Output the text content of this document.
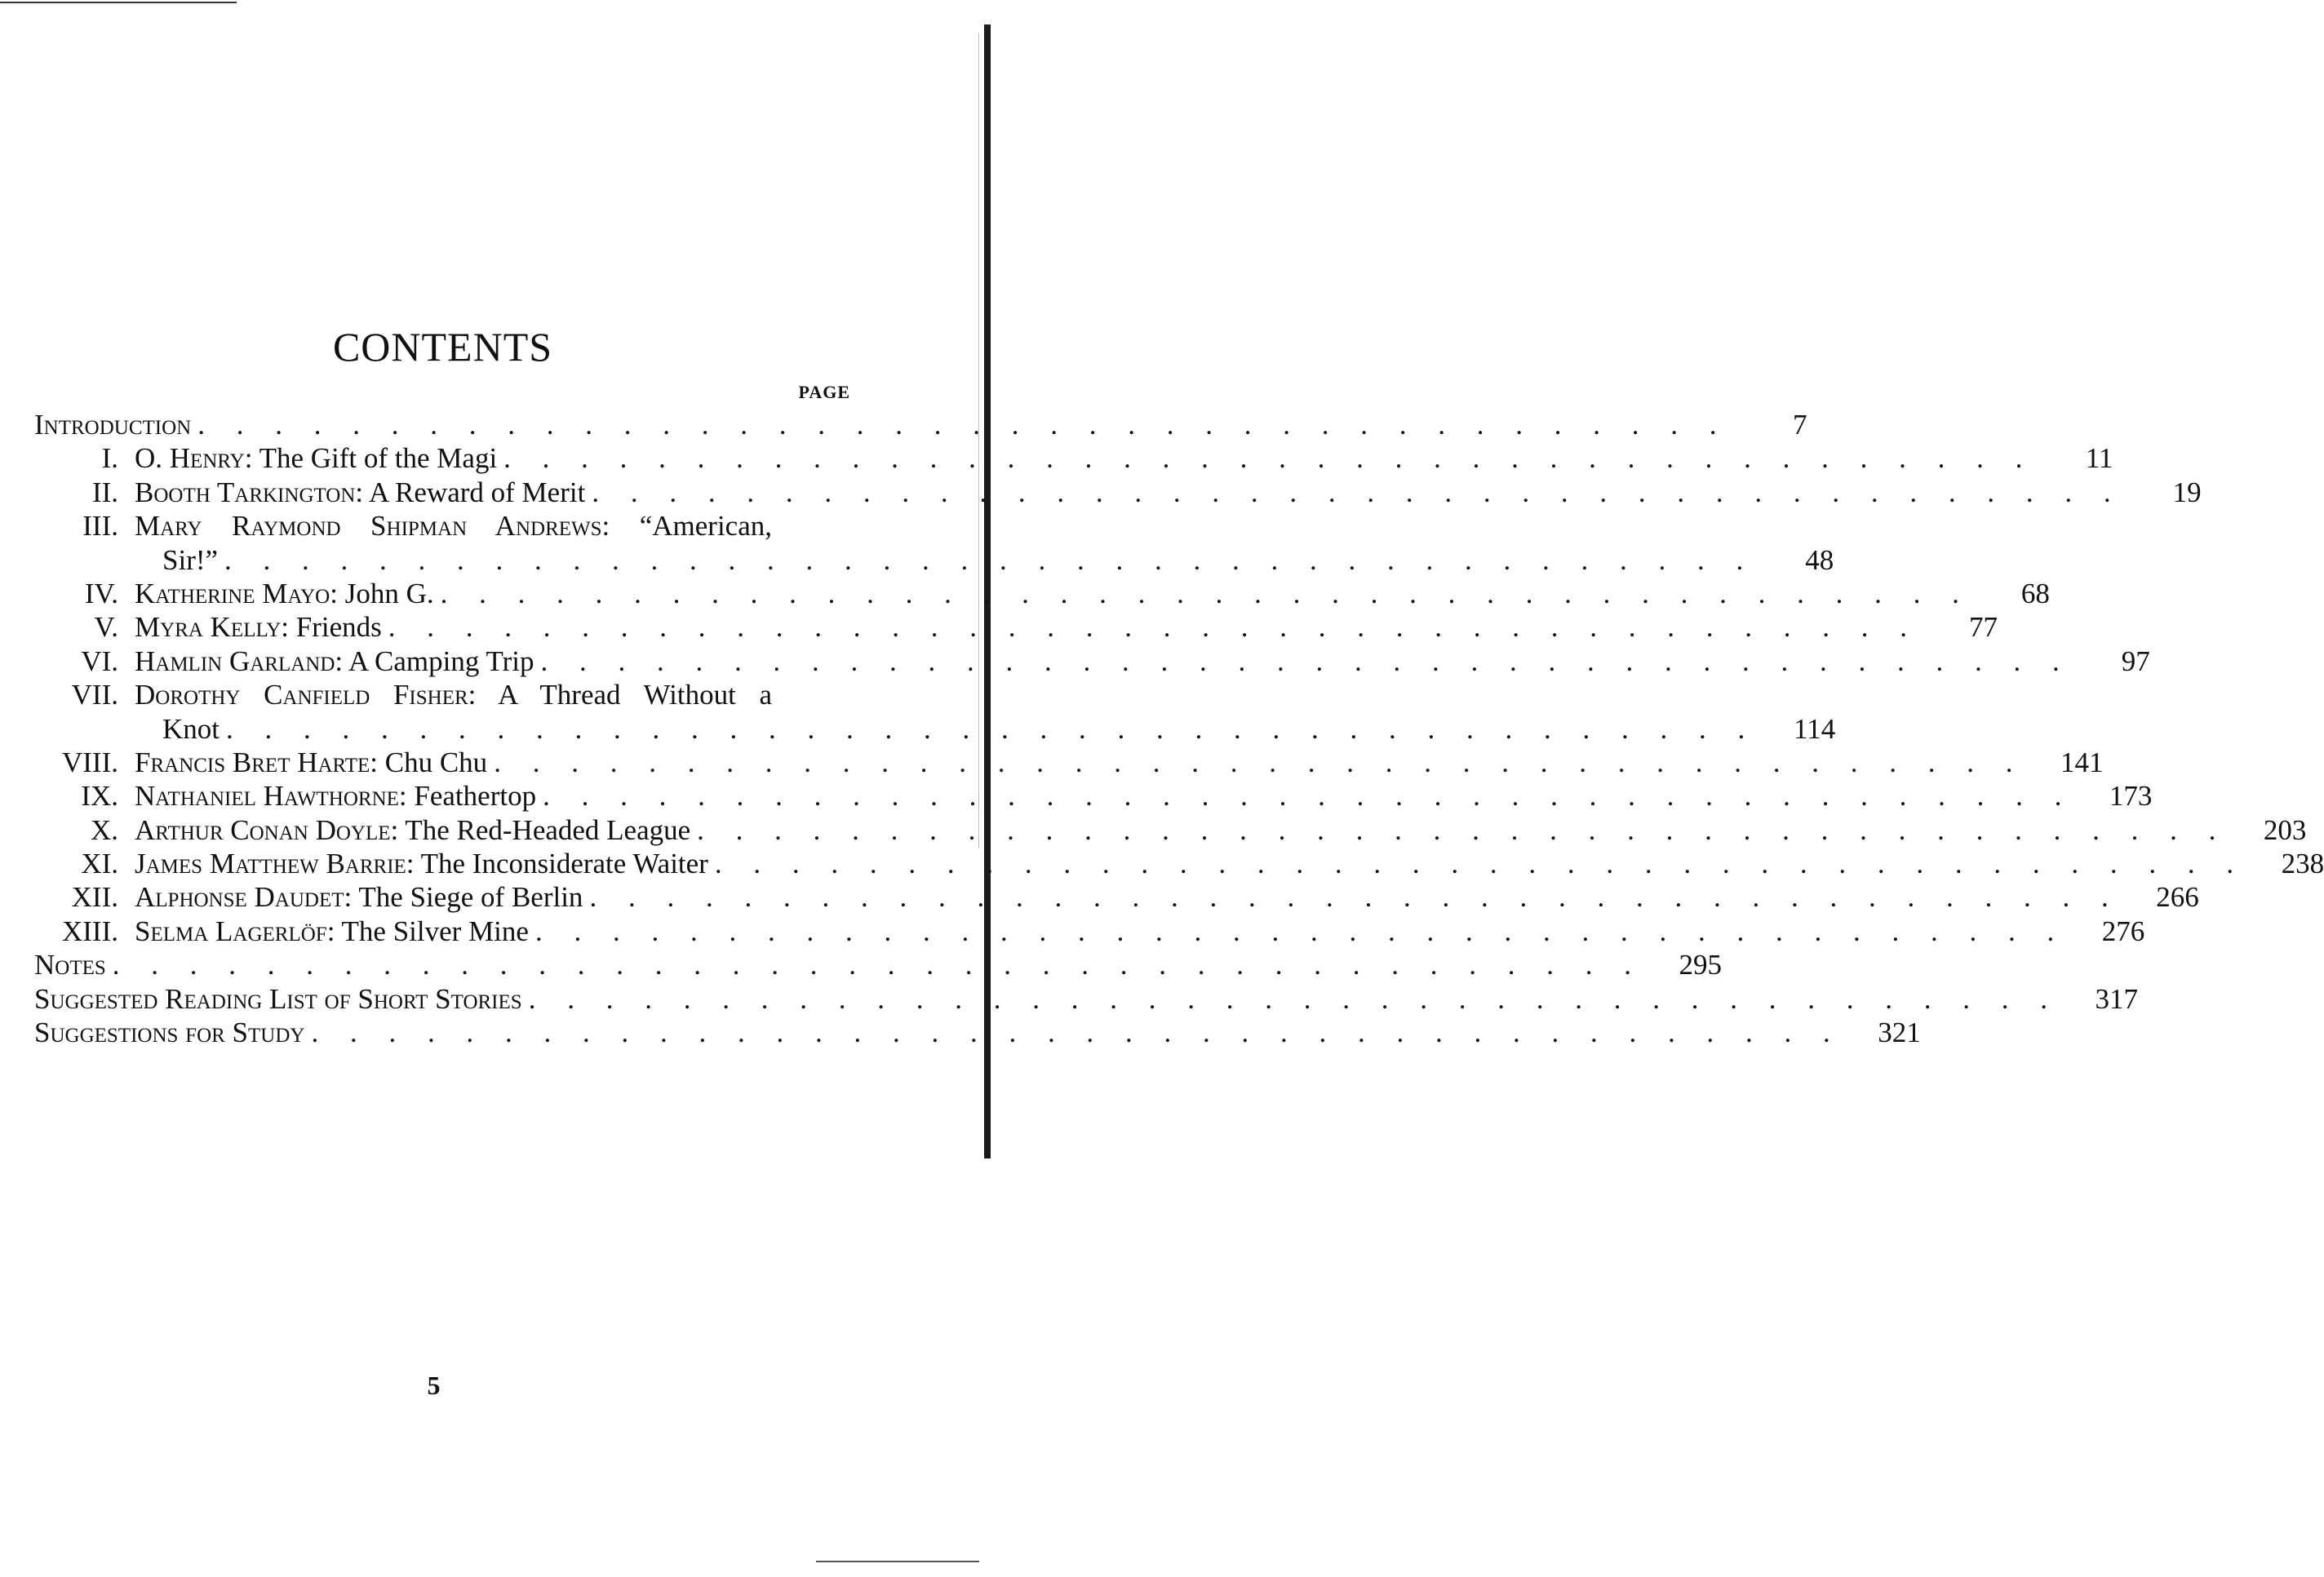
CONTENTS
PAGE
Introduction . . . . . . . . . . . . . . . . . . . . . . . . . . . . . . . . . . . . . . . .	7
I. O. Henry: The Gift of the Magi . . . . . . . . . . . . . . . . . . . . . . . . . . . . . . . . . . . . . . . .	11
II. Booth Tarkington: A Reward of Merit . . . . . . . . . . . . . . . . . . . . . . . . . . . . . . . . . . . . . . . .	19
III. Mary Raymond Shipman Andrews: “American,
Sir!” . . . . . . . . . . . . . . . . . . . . . . . . . . . . . . . . . . . . . . . .	48
IV. Katherine Mayo: John G. . . . . . . . . . . . . . . . . . . . . . . . . . . . . . . . . . . . . . . . .	68
V. Myra Kelly: Friends . . . . . . . . . . . . . . . . . . . . . . . . . . . . . . . . . . . . . . . .	77
VI. Hamlin Garland: A Camping Trip . . . . . . . . . . . . . . . . . . . . . . . . . . . . . . . . . . . . . . . .	97
VII. Dorothy Canfield Fisher: A Thread Without a
Knot . . . . . . . . . . . . . . . . . . . . . . . . . . . . . . . . . . . . . . . .	114
VIII. Francis Bret Harte: Chu Chu . . . . . . . . . . . . . . . . . . . . . . . . . . . . . . . . . . . . . . . .	141
IX. Nathaniel Hawthorne: Feathertop . . . . . . . . . . . . . . . . . . . . . . . . . . . . . . . . . . . . . . . .	173
X. Arthur Conan Doyle: The Red-Headed League . . . . . . . . . . . . . . . . . . . . . . . . . . . . . . . . . . . . . . . .	203
XI. James Matthew Barrie: The Inconsiderate Waiter . . . . . . . . . . . . . . . . . . . . . . . . . . . . . . . . . . . . . . . .	238
XII. Alphonse Daudet: The Siege of Berlin . . . . . . . . . . . . . . . . . . . . . . . . . . . . . . . . . . . . . . . .	266
XIII. Selma Lagerlöf: The Silver Mine . . . . . . . . . . . . . . . . . . . . . . . . . . . . . . . . . . . . . . . .	276
Notes . . . . . . . . . . . . . . . . . . . . . . . . . . . . . . . . . . . . . . . .	295
Suggested Reading List of Short Stories . . . . . . . . . . . . . . . . . . . . . . . . . . . . . . . . . . . . . . . .	317
Suggestions for Study . . . . . . . . . . . . . . . . . . . . . . . . . . . . . . . . . . . . . . . .	321
5
